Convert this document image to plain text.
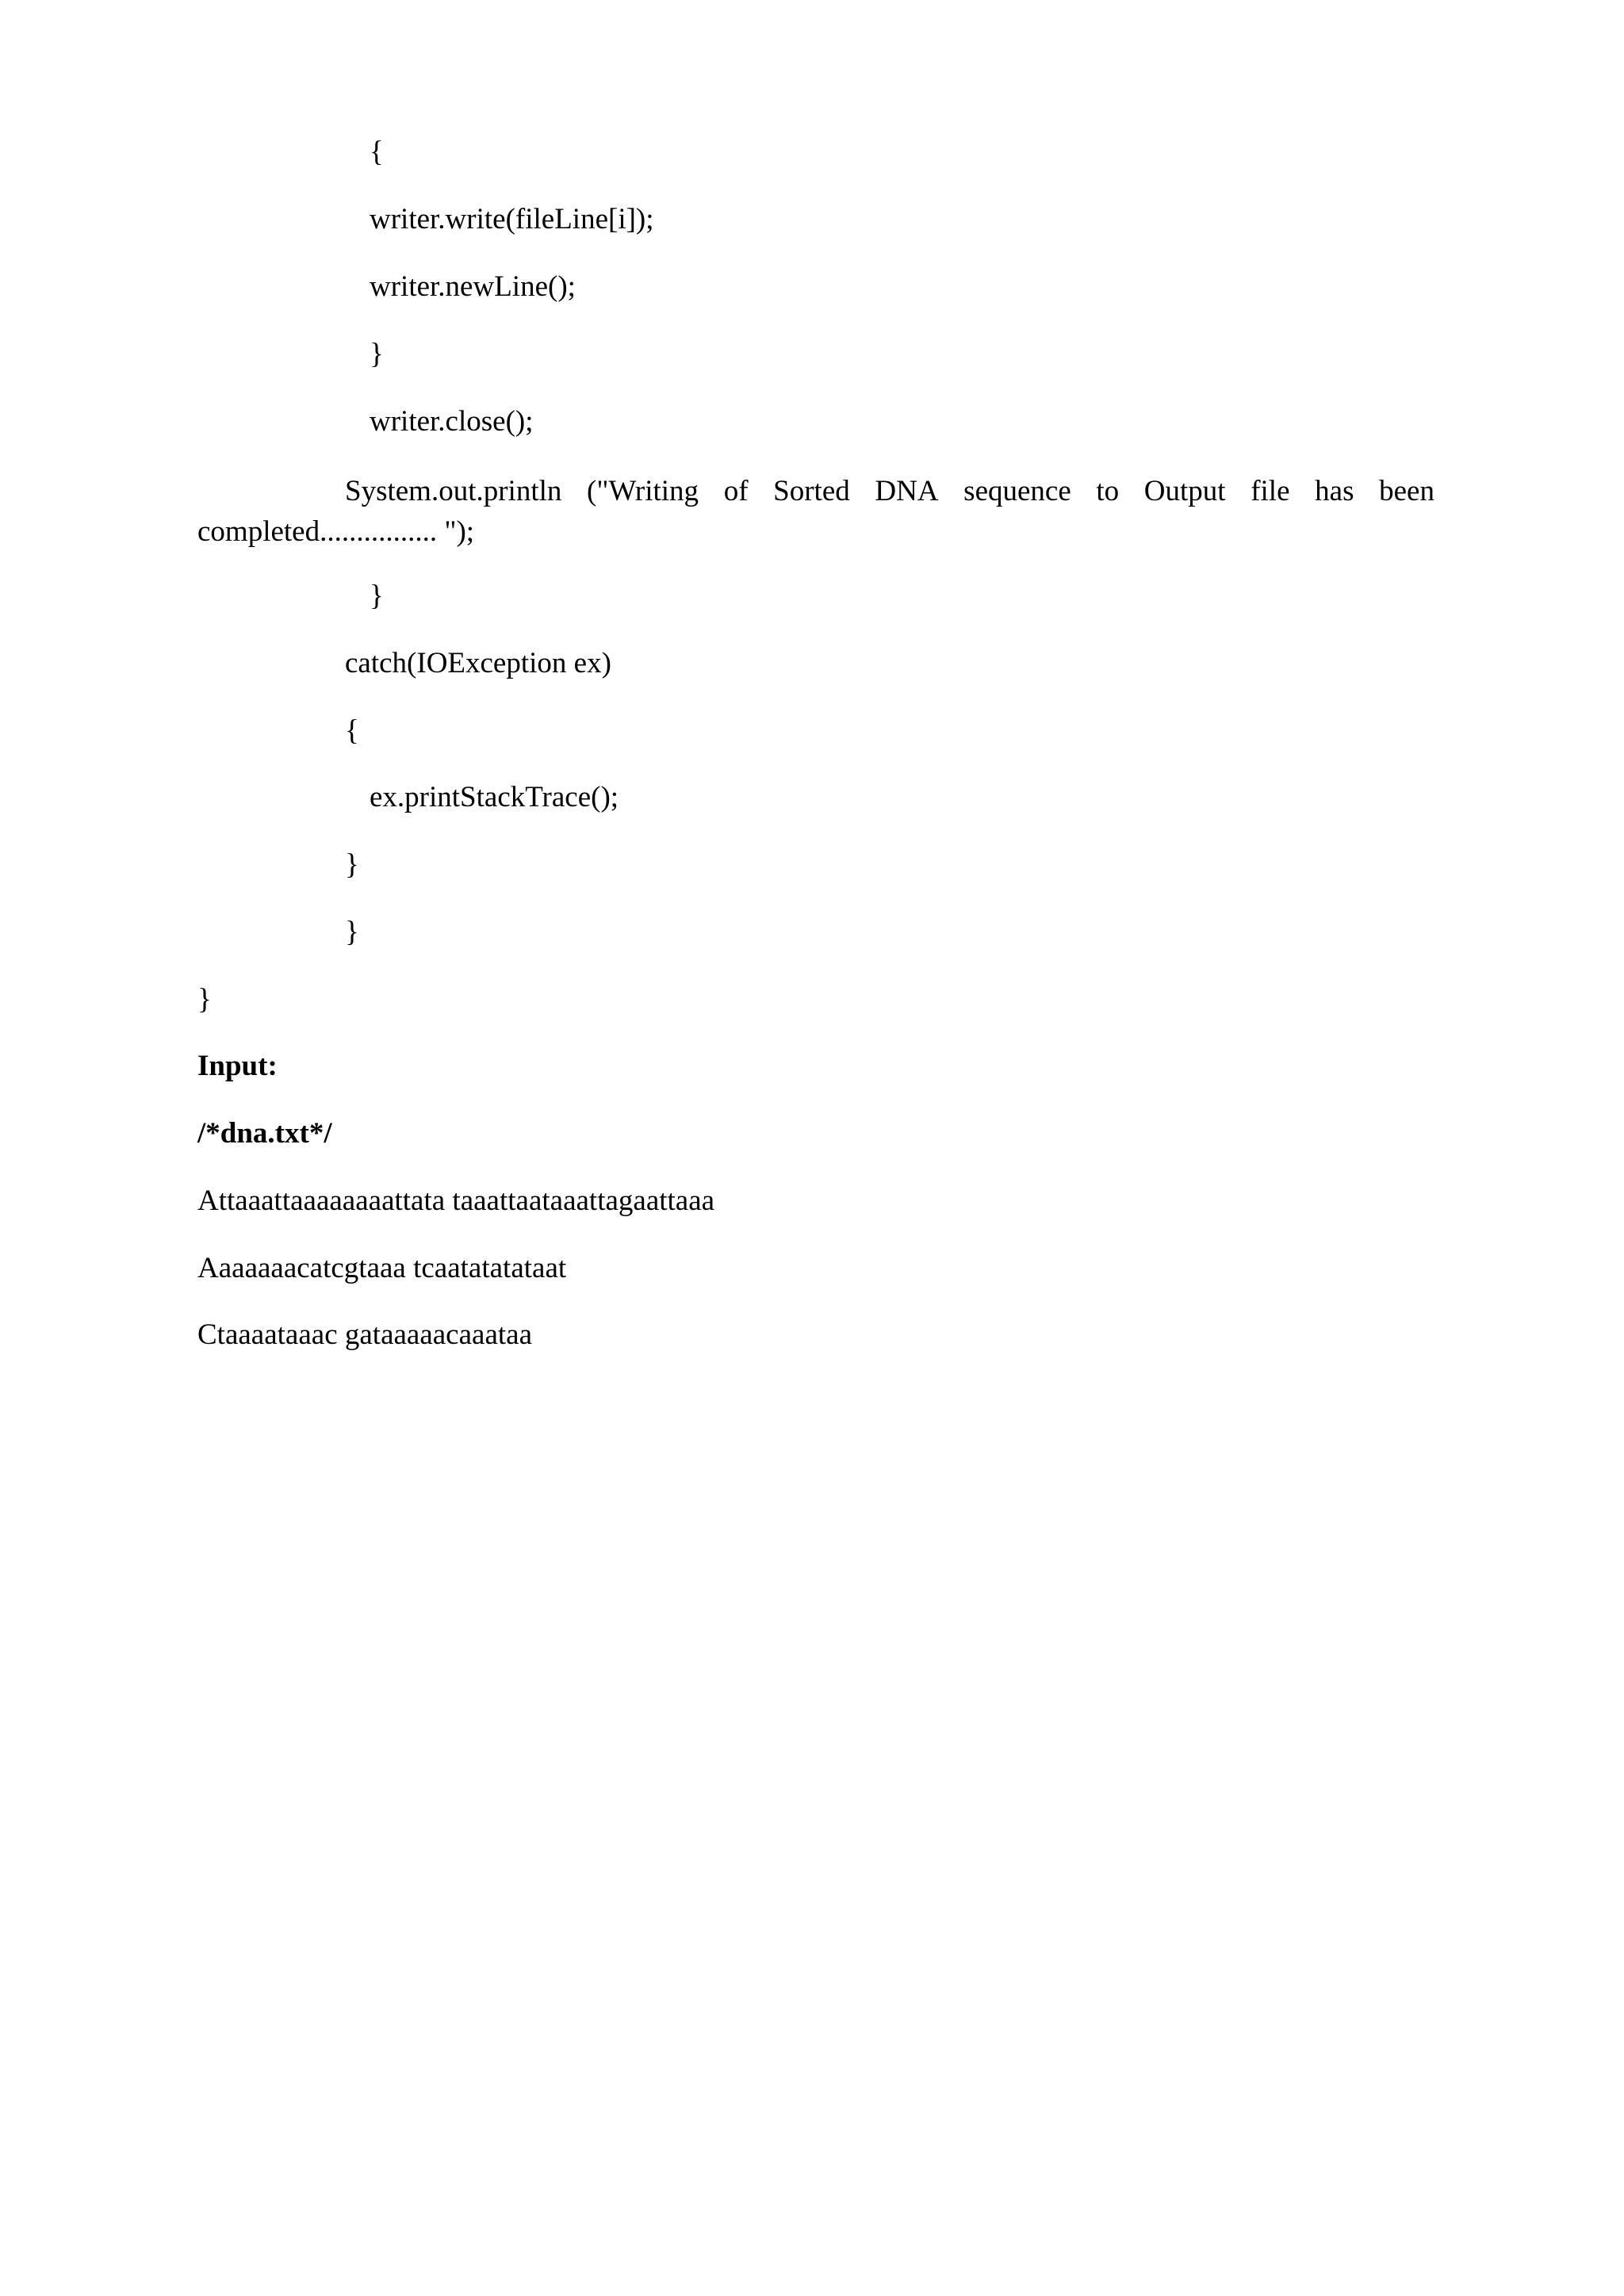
{

writer.write(fileLine[i]);

writer.newLine();

}

writer.close();

System.out.println ("Writing of Sorted DNA sequence to Output file has been
completed................ ");

}

catch(IOException ex)

{

ex.printStackTrace();

}

}

}

Input:

/*dna.txt*/

Attaaattaaaaaaaattata taaattaataaattagaattaaa

Aaaaaaacatcgtaaa tcaatatatataat

Ctaaaataaac gataaaaacaaataa
